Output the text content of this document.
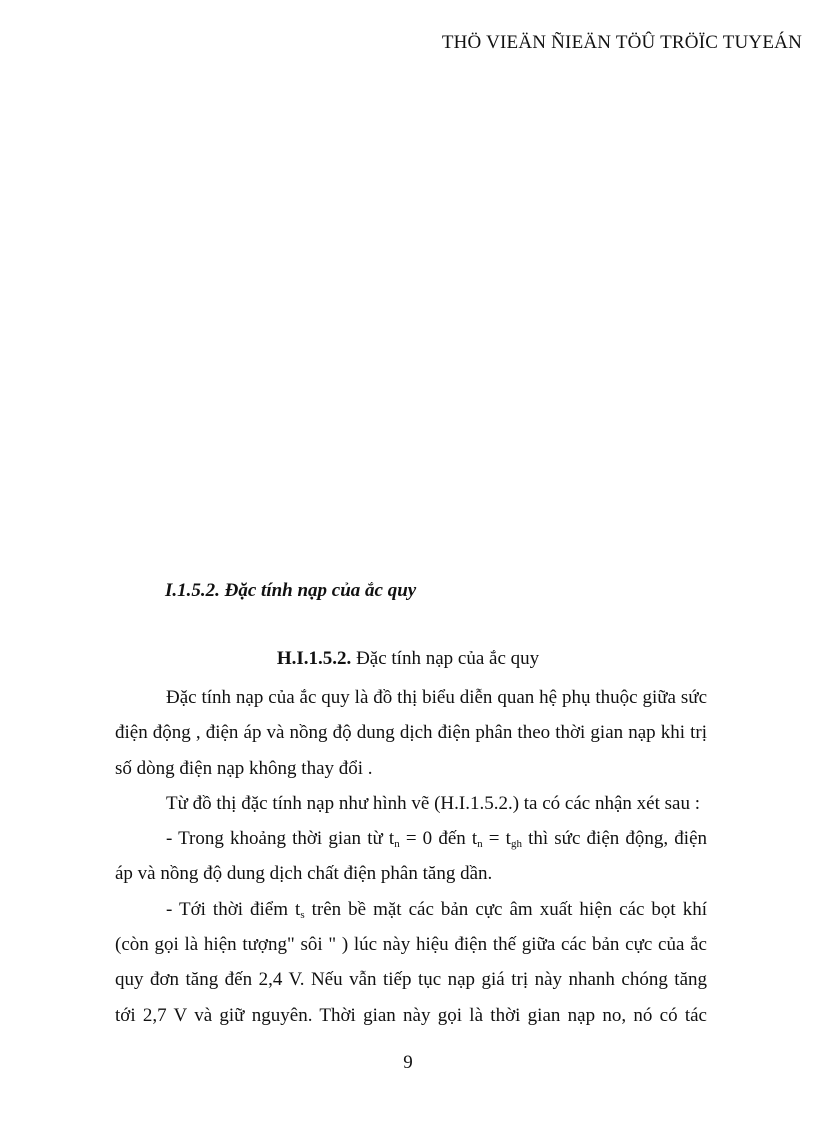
THÖ VIEÄN ÑIEÄN TÖÛ TRÖÏC TUYEÁN
I.1.5.2. Đặc tính nạp của ắc quy
H.I.1.5.2. Đặc tính nạp của ắc quy
Đặc tính nạp của ắc quy là đồ thị biểu diễn quan hệ phụ thuộc giữa sức
điện động , điện áp và nồng độ dung dịch điện phân theo thời gian nạp khi trị
số dòng điện nạp không thay đổi .
Từ đồ thị đặc tính nạp như hình vẽ (H.I.1.5.2.) ta có các nhận xét sau :
- Trong khoảng thời gian từ $t_n = 0$ đến $t_n = t_{gh}$ thì sức điện động, điện
áp và nồng độ dung dịch chất điện phân tăng dần.
- Tới thời điểm $t_s$ trên bề mặt các bản cực âm xuất hiện các bọt khí
(còn gọi là hiện tượng" sôi " ) lúc này hiệu điện thế giữa các bản cực của ắc
quy đơn tăng đến 2,4 V. Nếu vẫn tiếp tục nạp giá trị này nhanh chóng tăng
tới 2,7 V và giữ nguyên. Thời gian này gọi là thời gian nạp no, nó có tác
9
